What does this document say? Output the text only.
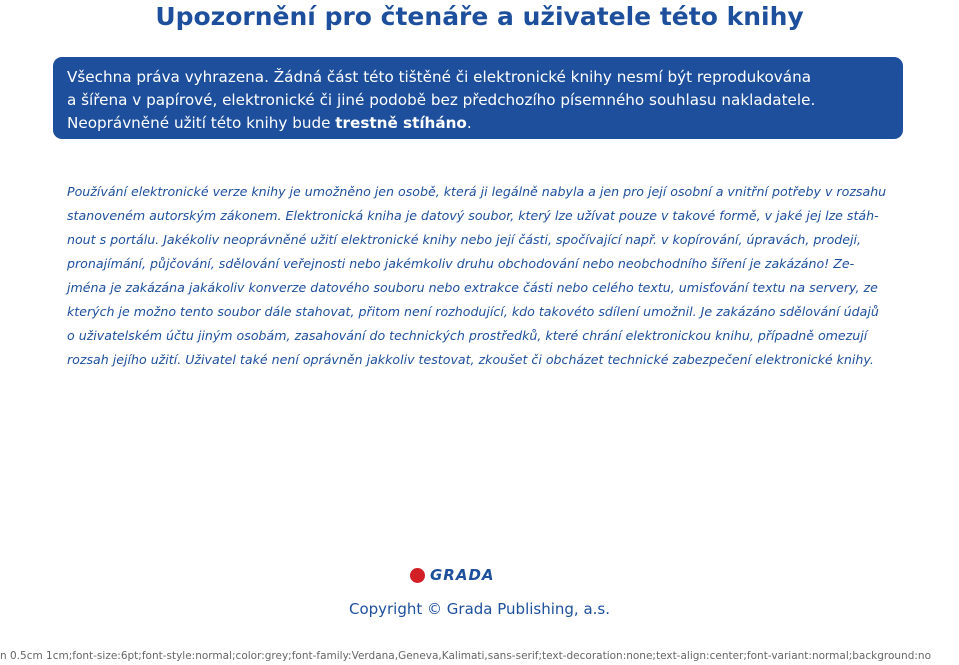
Upozornění pro čtenáře a uživatele této knihy
Všechna práva vyhrazena. Žádná část této tištěné či elektronické knihy nesmí být reprodukována
a šířena v papírové, elektronické či jiné podobě bez předchozího písemného souhlasu nakladatele.
Neoprávněné užití této knihy bude trestně stíháno.

Používání elektronické verze knihy je umožněno jen osobě, která ji legálně nabyla a jen pro její osobní a vnitřní potřeby v rozsahu
stanoveném autorským zákonem. Elektronická kniha je datový soubor, který lze užívat pouze v takové formě, v jaké jej lze stáh-
nout s portálu. Jakékoliv neoprávněné užití elektronické knihy nebo její části, spočívající např. v kopírování, úpravách, prodeji,
pronajímání, půjčování, sdělování veřejnosti nebo jakémkoliv druhu obchodování nebo neobchodního šíření je zakázáno! Ze-
jména je zakázána jakákoliv konverze datového souboru nebo extrakce části nebo celého textu, umisťování textu na servery, ze
kterých je možno tento soubor dále stahovat, přitom není rozhodující, kdo takovéto sdílení umožnil. Je zakázáno sdělování údajů
o uživatelském účtu jiným osobám, zasahování do technických prostředků, které chrání elektronickou knihu, případně omezují
rozsah jejího užití. Uživatel také není oprávněn jakkoliv testovat, zkoušet či obcházet technické zabezpečení elektronické knihy.

GRADA
Copyright © Grada Publishing, a.s.
n 0.5cm 1cm;font-size:6pt;font-style:normal;color:grey;font-family:Verdana,Geneva,Kalimati,sans-serif;text-decoration:none;text-align:center;font-variant:normal;background:no
